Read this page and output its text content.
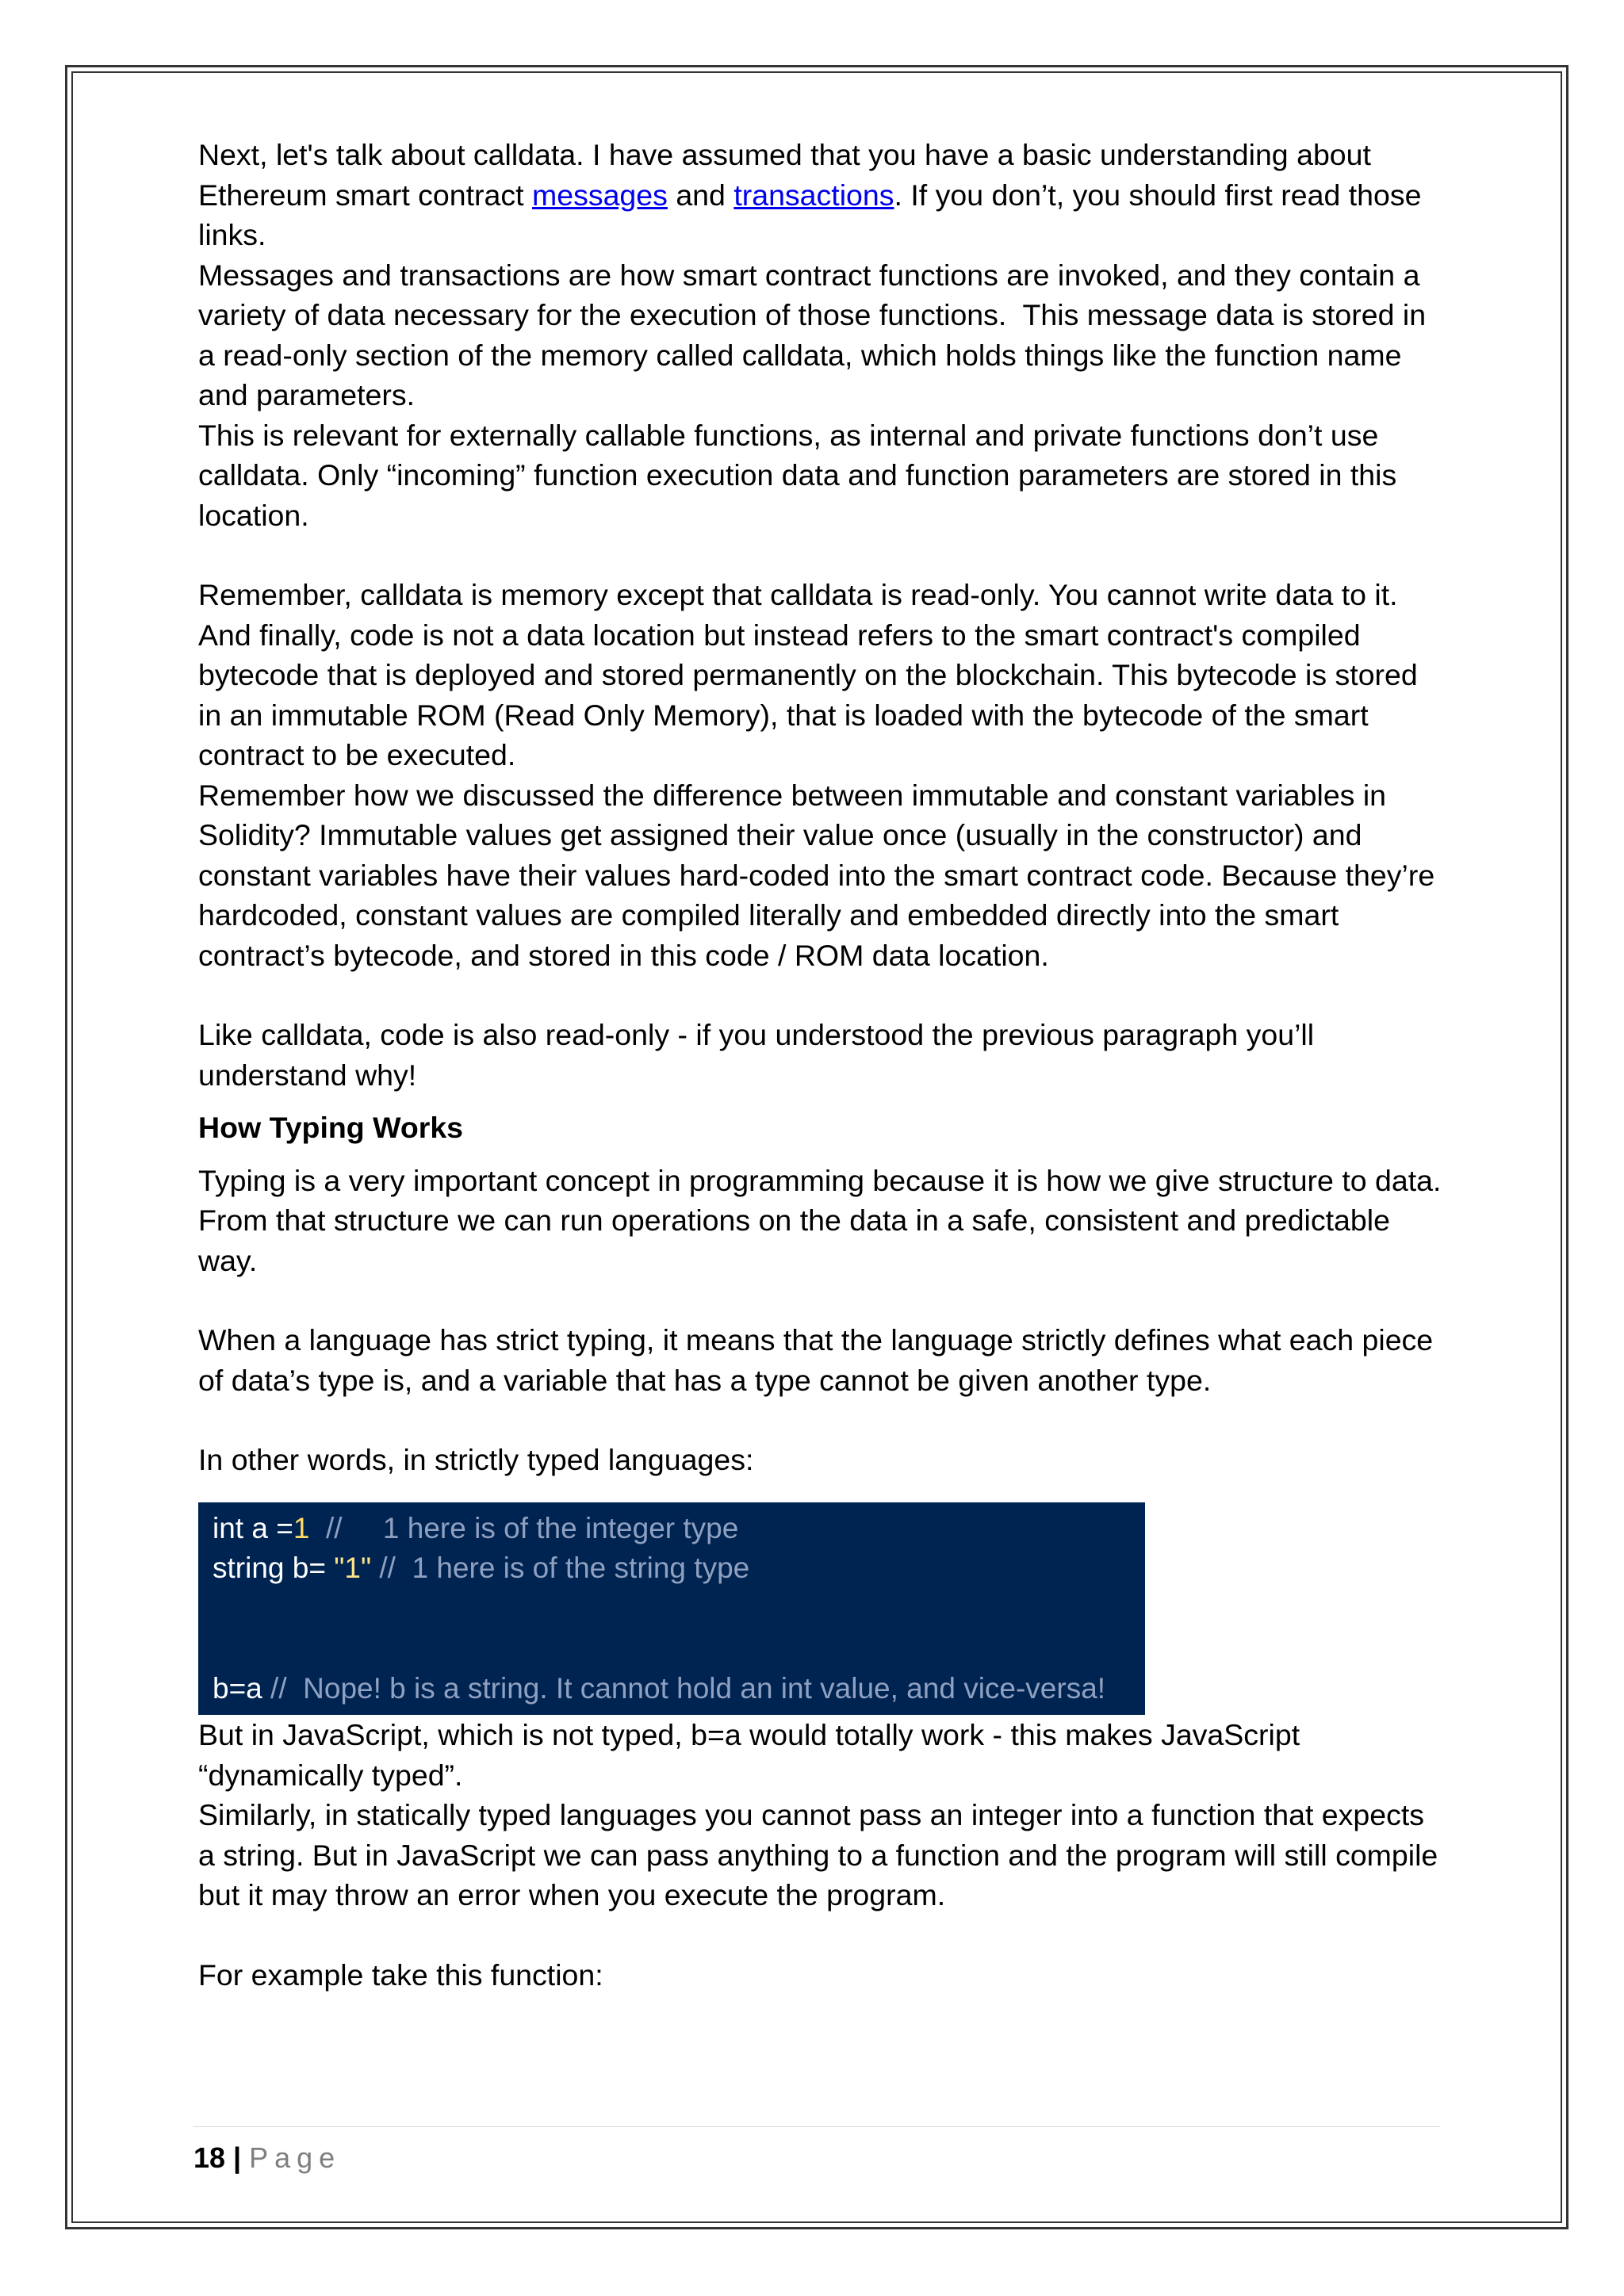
Next, let's talk about calldata. I have assumed that you have a basic understanding about Ethereum smart contract messages and transactions. If you don’t, you should first read those links.

Messages and transactions are how smart contract functions are invoked, and they contain a variety of data necessary for the execution of those functions.  This message data is stored in a read-only section of the memory called calldata, which holds things like the function name and parameters.

This is relevant for externally callable functions, as internal and private functions don’t use calldata. Only “incoming” function execution data and function parameters are stored in this location.

Remember, calldata is memory except that calldata is read-only. You cannot write data to it.

And finally, code is not a data location but instead refers to the smart contract's compiled bytecode that is deployed and stored permanently on the blockchain. This bytecode is stored in an immutable ROM (Read Only Memory), that is loaded with the bytecode of the smart contract to be executed.

Remember how we discussed the difference between immutable and constant variables in Solidity? Immutable values get assigned their value once (usually in the constructor) and constant variables have their values hard-coded into the smart contract code. Because they’re hardcoded, constant values are compiled literally and embedded directly into the smart contract’s bytecode, and stored in this code / ROM data location.

Like calldata, code is also read-only - if you understood the previous paragraph you’ll understand why!

How Typing Works

Typing is a very important concept in programming because it is how we give structure to data. From that structure we can run operations on the data in a safe, consistent and predictable way.

When a language has strict typing, it means that the language strictly defines what each piece of data’s type is, and a variable that has a type cannot be given another type.

In other words, in strictly typed languages:

int a =1  //     1 here is of the integer type

string b= "1" //  1 here is of the string type

b=a //  Nope! b is a string. It cannot hold an int value, and vice-versa!

But in JavaScript, which is not typed, b=a would totally work - this makes JavaScript “dynamically typed”.

Similarly, in statically typed languages you cannot pass an integer into a function that expects a string. But in JavaScript we can pass anything to a function and the program will still compile but it may throw an error when you execute the program.

For example take this function:

18 | Page
